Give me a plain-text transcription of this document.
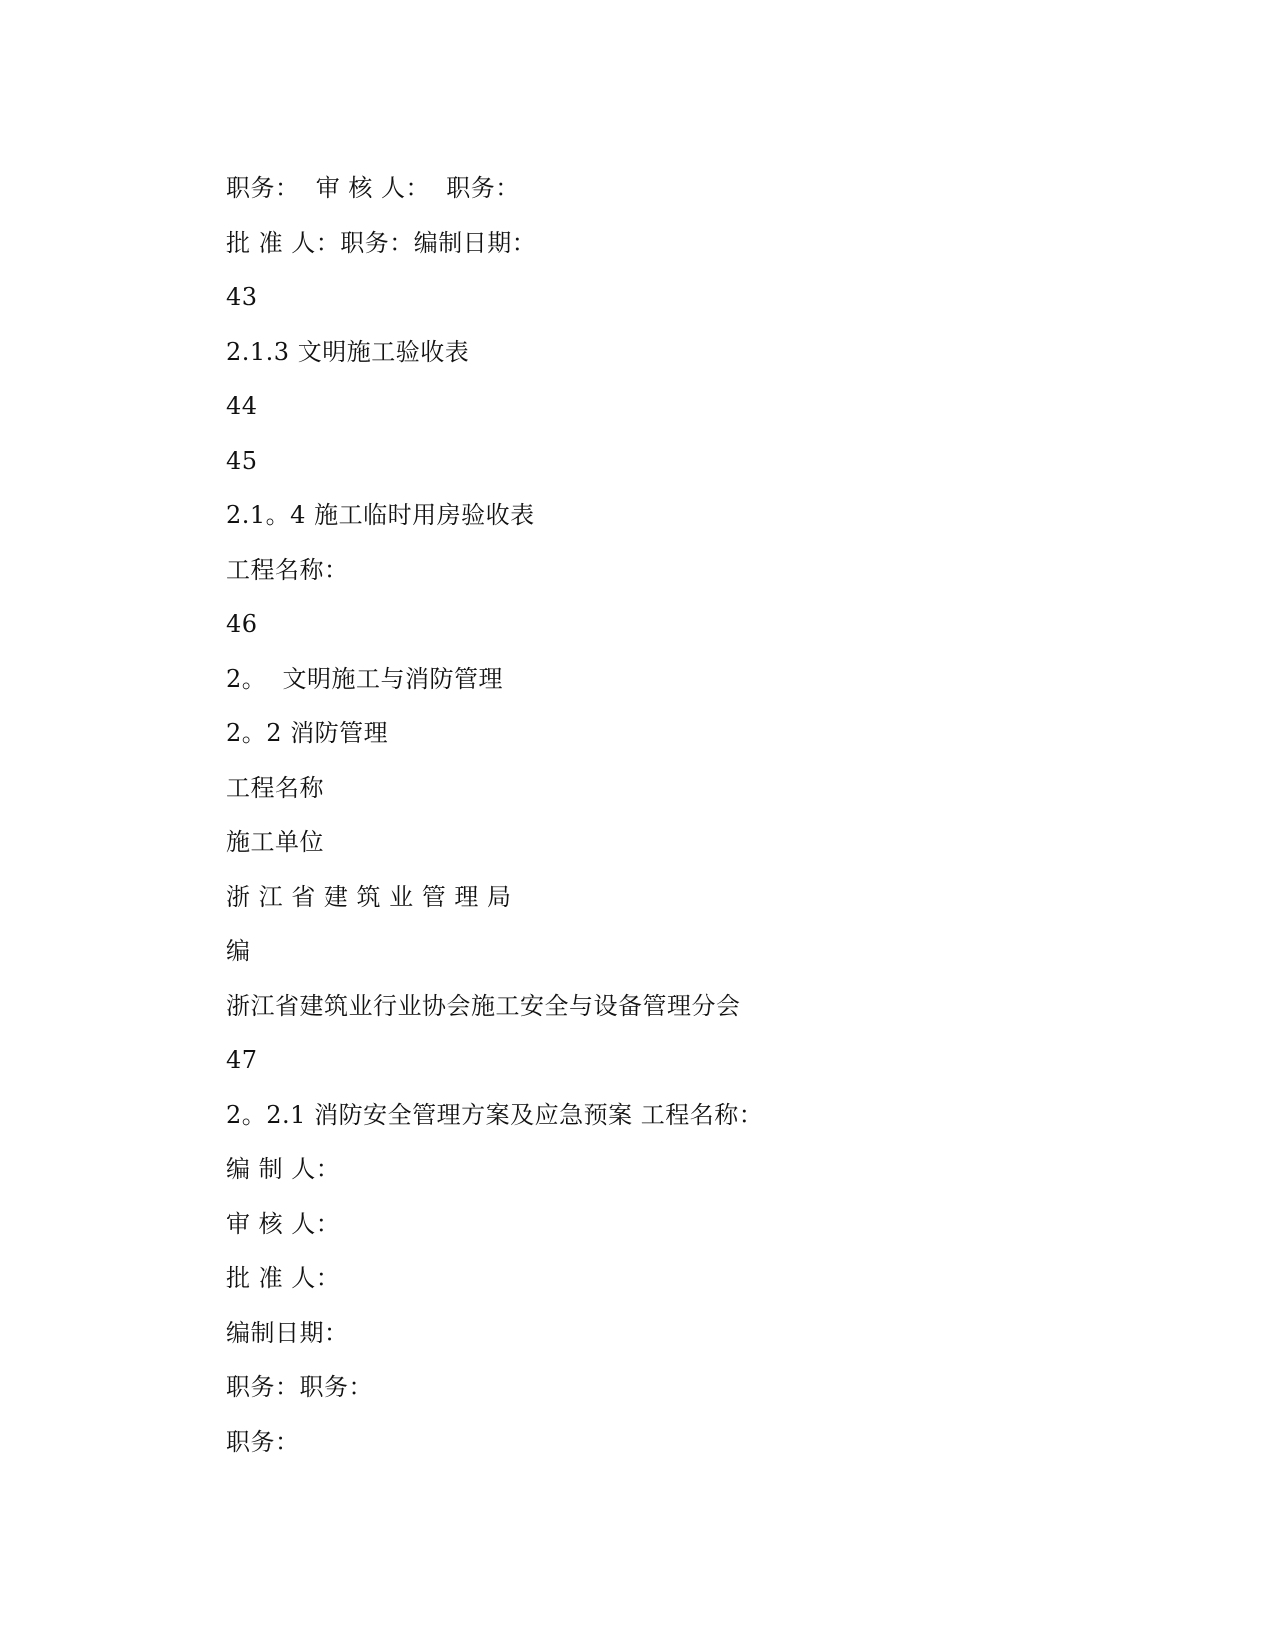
职务：  审 核 人：  职务：
批 准 人：职务：编制日期：
43
2.1.3 文明施工验收表
44
45
2.1。4 施工临时用房验收表
工程名称：
46
2。  文明施工与消防管理
2。2 消防管理
工程名称
施工单位
浙 江 省 建 筑 业 管 理 局
编
浙江省建筑业行业协会施工安全与设备管理分会
47
2。2.1 消防安全管理方案及应急预案 工程名称：
编 制 人：
审 核 人：
批 准 人：
编制日期：
职务：职务：
职务：
